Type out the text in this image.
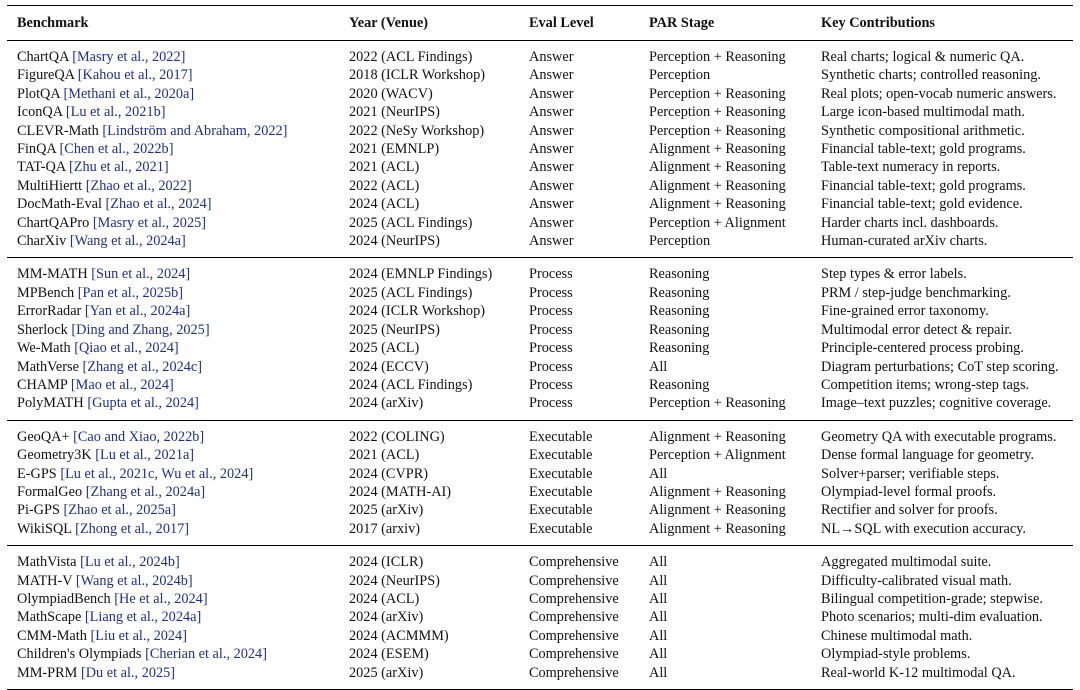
Benchmark	Year (Venue)	Eval Level	PAR Stage	Key Contributions
ChartQA [Masry et al., 2022]	2022 (ACL Findings)	Answer	Perception + Reasoning	Real charts; logical & numeric QA.
FigureQA [Kahou et al., 2017]	2018 (ICLR Workshop)	Answer	Perception	Synthetic charts; controlled reasoning.
PlotQA [Methani et al., 2020a]	2020 (WACV)	Answer	Perception + Reasoning	Real plots; open-vocab numeric answers.
IconQA [Lu et al., 2021b]	2021 (NeurIPS)	Answer	Perception + Reasoning	Large icon-based multimodal math.
CLEVR-Math [Lindström and Abraham, 2022]	2022 (NeSy Workshop)	Answer	Perception + Reasoning	Synthetic compositional arithmetic.
FinQA [Chen et al., 2022b]	2021 (EMNLP)	Answer	Alignment + Reasoning	Financial table-text; gold programs.
TAT-QA [Zhu et al., 2021]	2021 (ACL)	Answer	Alignment + Reasoning	Table-text numeracy in reports.
MultiHiertt [Zhao et al., 2022]	2022 (ACL)	Answer	Alignment + Reasoning	Financial table-text; gold programs.
DocMath-Eval [Zhao et al., 2024]	2024 (ACL)	Answer	Alignment + Reasoning	Financial table-text; gold evidence.
ChartQAPro [Masry et al., 2025]	2025 (ACL Findings)	Answer	Perception + Alignment	Harder charts incl. dashboards.
CharXiv [Wang et al., 2024a]	2024 (NeurIPS)	Answer	Perception	Human-curated arXiv charts.
MM-MATH [Sun et al., 2024]	2024 (EMNLP Findings)	Process	Reasoning	Step types & error labels.
MPBench [Pan et al., 2025b]	2025 (ACL Findings)	Process	Reasoning	PRM / step-judge benchmarking.
ErrorRadar [Yan et al., 2024a]	2024 (ICLR Workshop)	Process	Reasoning	Fine-grained error taxonomy.
Sherlock [Ding and Zhang, 2025]	2025 (NeurIPS)	Process	Reasoning	Multimodal error detect & repair.
We-Math [Qiao et al., 2024]	2025 (ACL)	Process	Reasoning	Principle-centered process probing.
MathVerse [Zhang et al., 2024c]	2024 (ECCV)	Process	All	Diagram perturbations; CoT step scoring.
CHAMP [Mao et al., 2024]	2024 (ACL Findings)	Process	Reasoning	Competition items; wrong-step tags.
PolyMATH [Gupta et al., 2024]	2024 (arXiv)	Process	Perception + Reasoning	Image–text puzzles; cognitive coverage.
GeoQA+ [Cao and Xiao, 2022b]	2022 (COLING)	Executable	Alignment + Reasoning	Geometry QA with executable programs.
Geometry3K [Lu et al., 2021a]	2021 (ACL)	Executable	Perception + Alignment	Dense formal language for geometry.
E-GPS [Lu et al., 2021c, Wu et al., 2024]	2024 (CVPR)	Executable	All	Solver+parser; verifiable steps.
FormalGeo [Zhang et al., 2024a]	2024 (MATH-AI)	Executable	Alignment + Reasoning	Olympiad-level formal proofs.
Pi-GPS [Zhao et al., 2025a]	2025 (arXiv)	Executable	Alignment + Reasoning	Rectifier and solver for proofs.
WikiSQL [Zhong et al., 2017]	2017 (arxiv)	Executable	Alignment + Reasoning	NL→SQL with execution accuracy.
MathVista [Lu et al., 2024b]	2024 (ICLR)	Comprehensive	All	Aggregated multimodal suite.
MATH-V [Wang et al., 2024b]	2024 (NeurIPS)	Comprehensive	All	Difficulty-calibrated visual math.
OlympiadBench [He et al., 2024]	2024 (ACL)	Comprehensive	All	Bilingual competition-grade; stepwise.
MathScape [Liang et al., 2024a]	2024 (arXiv)	Comprehensive	All	Photo scenarios; multi-dim evaluation.
CMM-Math [Liu et al., 2024]	2024 (ACMMM)	Comprehensive	All	Chinese multimodal math.
Children's Olympiads [Cherian et al., 2024]	2024 (ESEM)	Comprehensive	All	Olympiad-style problems.
MM-PRM [Du et al., 2025]	2025 (arXiv)	Comprehensive	All	Real-world K-12 multimodal QA.
